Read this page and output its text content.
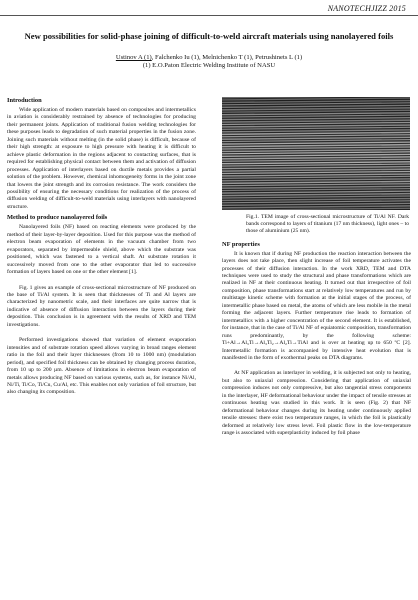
NANOTECHJIZZ 2015
New possibilities for solid-phase joining of difficult-to-weld aircraft materials using nanolayered foils
Ustinov A (1), Falchenko Iu (1), Melnichenko T (1), Petrushinets L (1)
(1) E.O.Paton Electric Welding Institute of NASU
Introduction

Wide application of modern materials based on composites and intermetallics in aviation is considerably restrained by absence of technologies for producing their permanent joints. Application of traditional fusion welding technologies for these purposes leads to degradation of such material properties in the fusion zone. Joining such materials without melting (in the solid phase) is difficult, because of their high strength: at exposure to high pressure with heating it is difficult to achieve plastic deformation in the regions adjacent to contacting surfaces, that is required for establishing physical contact between them and activation of diffusion processes. Application of interlayers based on ductile metals provides a partial solution of the problem. However, chemical inhomogeneity forms in the joint zone that lowers the joint strength and its corrosion resistance. The work considers the possibility of ensuring the necessary conditions for realization of the process of diffusion welding of difficult-to-weld materials using interlayers with nanolayered structure.

Method to produce nanolayered foils

Nanolayered foils (NF) based on reacting elements were produced by the method of their layer-by-layer deposition. Used for this purpose was the method of electron beam evaporation of elements in the vacuum chamber from two evaporators, separated by impermeable shield, above which the substrate was positioned, which was fastened to a vertical shaft. At substrate rotation it successively moved from one to the other evaporator that led to successive formation of layers based on one or the other element [1].

Fig. 1 gives an example of cross-sectional microstructure of NF produced on the base of Ti/Al system. It is seen that thicknesses of Ti and Al layers are characterized by nanometric scale, and their interfaces are quite narrow that is indicative of absence of diffusion interaction between the layers during their deposition. This conclusion is in agreement with the results of XRD and TEM investigations.

Performed investigations showed that variation of element evaporation intensities and of substrate rotation speed allows varying in broad ranges element ratio in the foil and their layer thicknesses (from 10 to 1000 nm) (modulation period), and specified foil thickness can be obtained by changing process duration, from 10 up to 200 µm. Absence of limitations in electron beam evaporation of metals allows producing NF based on various systems, such as, for instance Ni/Al, Ni/Ti, Ti/Co, Ti/Cu, Cu/Al, etc. This enables not only variation of foil structure, but also changing its composition.

Fig.1. TEM image of cross-sectional microstructure of Ti/Al NF. Dark bands correspond to layers of titanium (17 nm thickness), light ones – to those of aluminium (25 nm).
NF properties

It is known that if during NF production the reaction interaction between the layers does not take place, then slight increase of foil temperature activates the processes of their diffusion interaction. In the work XRD, TEM and DTA techniques were used to study the structural and phase transformations which are realized in NF at their continuous heating. It turned out that irrespective of foil composition, phase transformations start at relatively low temperatures and run by multistage kinetic scheme with formation at the initial stages of the process, of intermetallic phase based on metal, the atoms of which are less mobile in the metal forming the adjacent layers. Further temperature rise leads to formation of intermetallics with a higher concentration of the second element. It is established, for instance, that in the case of Ti/Al NF of equiatomic composition, transformation runs predominantly, by the following scheme: Ti+Al→Al₃Ti→Al₃Ti₂→Al₂Ti→TiAl and is over at heating up to 650 ºC [2]. Intermetallic formation is accompanied by intensive heat evolution that is manifested in the form of exothermal peaks on DTA diagrams.

At NF application as interlayer in welding, it is subjected not only to heating, but also to uniaxial compression. Considering that application of uniaxial compression induces not only compressive, but also tangential stress components in the interlayer, HF deformational behaviour under the impact of tensile stresses at continuous heating was studied in this work. It is seen (Fig. 2) that NF deformational behaviour changes during its heating under continuously applied tensile stresses: there exist two temperature ranges, in which the foil is plastically deformed at relatively low stress level. Foil plastic flow in the low-temperature range is associated with superplasticity induced by foil phase
